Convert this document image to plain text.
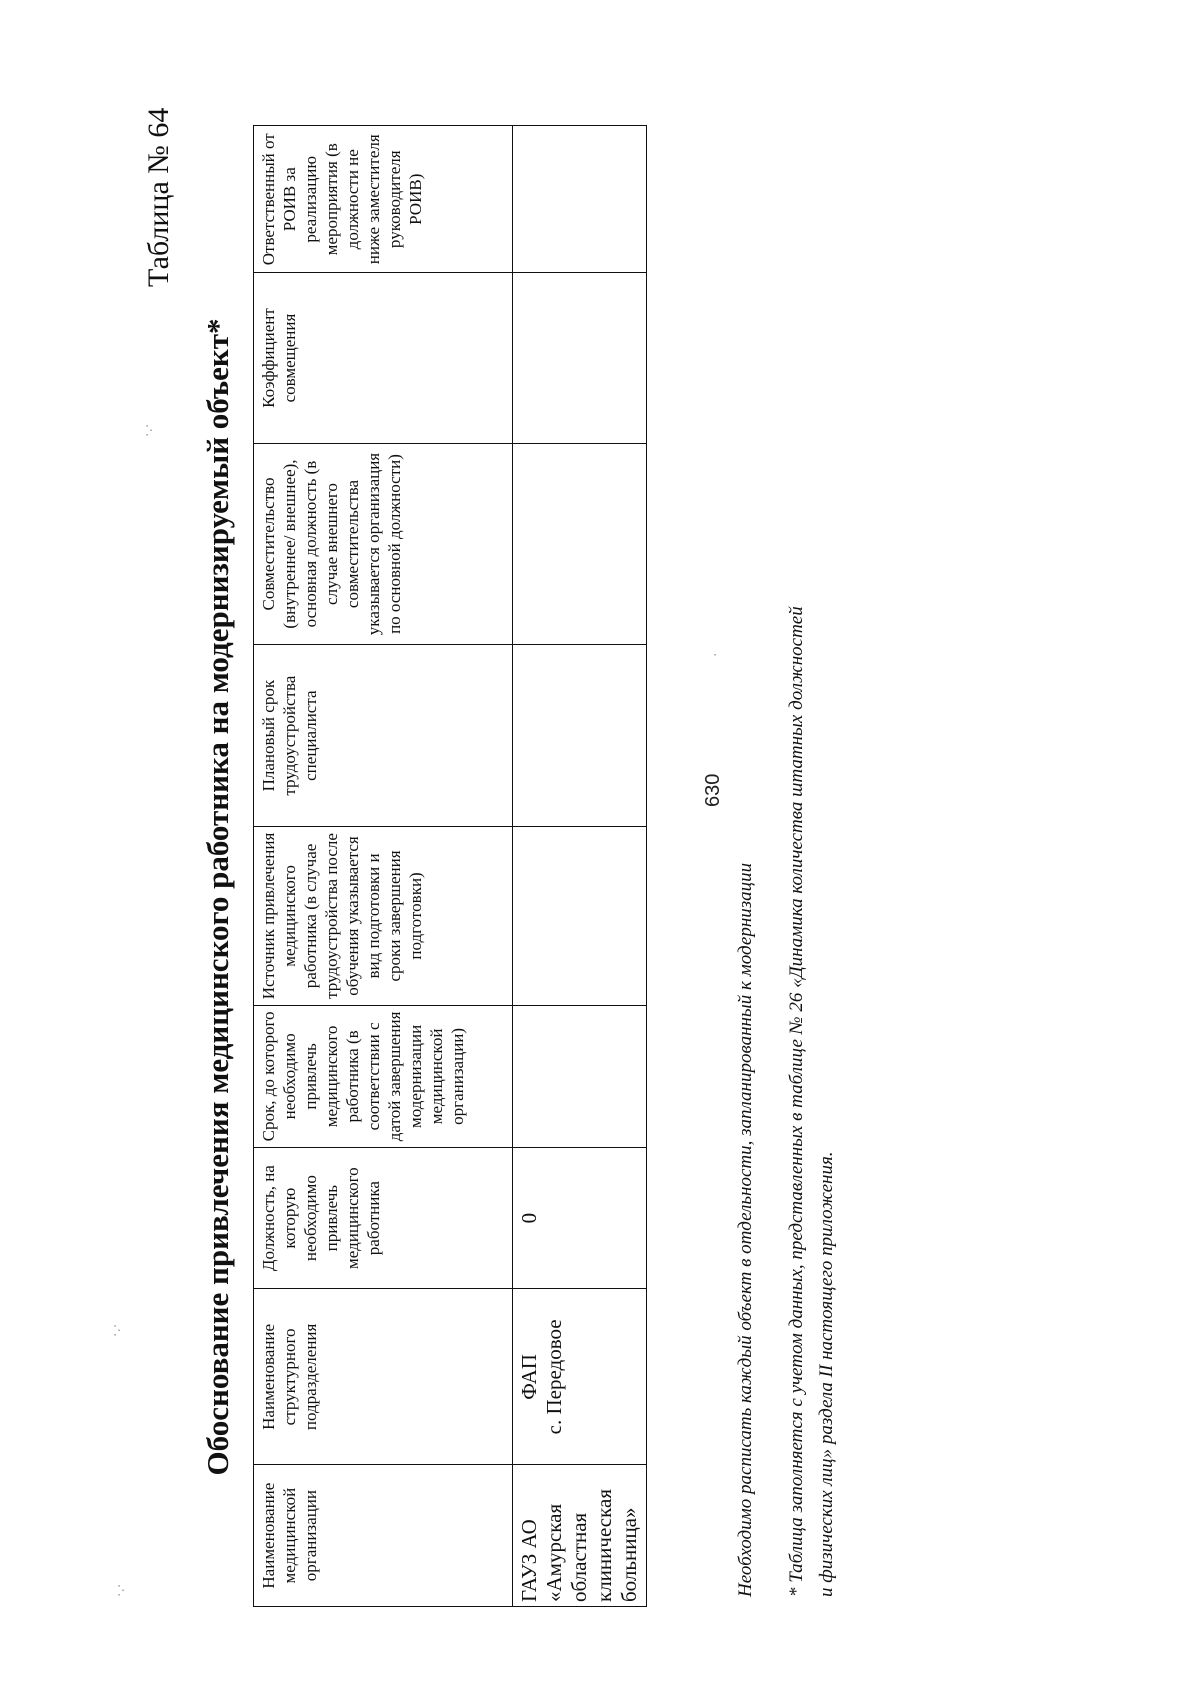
630
Таблица № 64
Обоснование привлечения медицинского работника на модернизируемый объект*
Наименование медицинской организации	Наименование структурного подразделения	Должность, на которую необходимо привлечь медицинского работника	Срок, до которого необходимо привлечь медицинского работника (в соответствии с датой завершения модернизации медицинской организации)	Источник привлечения медицинского работника (в случае трудоустройства после обучения указывается вид подготовки и сроки завершения подготовки)	Плановый срок трудоустройства специалиста	Совместительство (внутреннее/ внешнее), основная должность (в случае внешнего совместительства указывается организация по основной должности)	Коэффициент совмещения	Ответственный от РОИВ за реализацию мероприятия (в должности не ниже заместителя руководителя РОИВ)
ГАУЗ АО «Амурская областная клиническая больница»	ФАП с. Передовое	0							Необходимо расписать каждый объект в отдельности, запланированный к модернизации * Таблица заполняется с учетом данных, представленных в таблице № 26 «Динамика количества штатных должностей и физических лиц» раздела II настоящего приложения.
·.·
·.·
·
·.·
